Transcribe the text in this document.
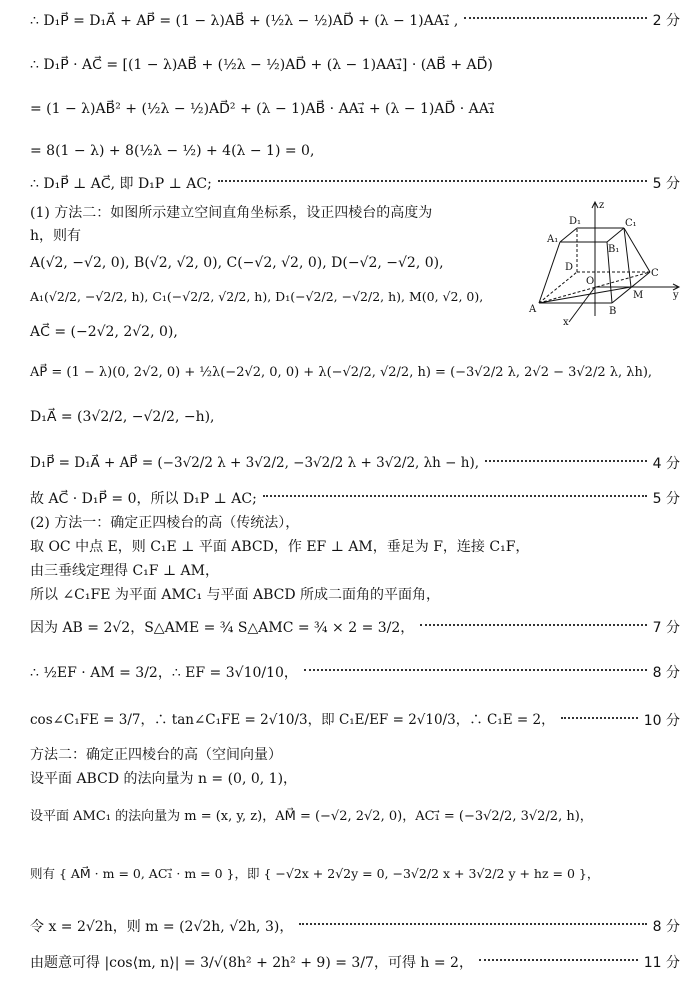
∴ D₁P⃗ = D₁A⃗ + AP⃗ = (1 − λ)AB⃗ + (½λ − ½)AD⃗ + (λ − 1)AA₁⃗ ,	2 分
∴ D₁P⃗ · AC⃗ = [(1 − λ)AB⃗ + (½λ − ½)AD⃗ + (λ − 1)AA₁⃗] · (AB⃗ + AD⃗)
= (1 − λ)AB⃗² + (½λ − ½)AD⃗² + (λ − 1)AB⃗ · AA₁⃗ + (λ − 1)AD⃗ · AA₁⃗
= 8(1 − λ) + 8(½λ − ½) + 4(λ − 1) = 0,
∴ D₁P⃗ ⊥ AC⃗, 即 D₁P ⊥ AC;	5 分
(1) 方法二：如图所示建立空间直角坐标系，设正四棱台的高度为
h，则有
A(√2, −√2, 0), B(√2, √2, 0), C(−√2, √2, 0), D(−√2, −√2, 0),
A₁(√2/2, −√2/2, h), C₁(−√2/2, √2/2, h), D₁(−√2/2, −√2/2, h), M(0, √2, 0),
AC⃗ = (−2√2, 2√2, 0),
AP⃗ = (1 − λ)(0, 2√2, 0) + ½λ(−2√2, 0, 0) + λ(−√2/2, √2/2, h) = (−3√2/2 λ, 2√2 − 3√2/2 λ, λh),
D₁A⃗ = (3√2/2, −√2/2, −h),
D₁P⃗ = D₁A⃗ + AP⃗ = (−3√2/2 λ + 3√2/2, −3√2/2 λ + 3√2/2, λh − h),	4 分
故 AC⃗ · D₁P⃗ = 0，所以 D₁P ⊥ AC;	5 分
(2) 方法一：确定正四棱台的高（传统法），
取 OC 中点 E，则 C₁E ⊥ 平面 ABCD，作 EF ⊥ AM，垂足为 F，连接 C₁F，
由三垂线定理得 C₁F ⊥ AM，
所以 ∠C₁FE 为平面 AMC₁ 与平面 ABCD 所成二面角的平面角，
因为 AB = 2√2，S△AME = ¾ S△AMC = ¾ × 2 = 3/2，	7 分
∴ ½EF · AM = 3/2，∴ EF = 3√10/10，	8 分
cos∠C₁FE = 3/7，∴ tan∠C₁FE = 2√10/3，即 C₁E/EF = 2√10/3，∴ C₁E = 2，	10 分
方法二：确定正四棱台的高（空间向量）
设平面 ABCD 的法向量为 n = (0, 0, 1)，
设平面 AMC₁ 的法向量为 m = (x, y, z)，AM⃗ = (−√2, 2√2, 0)，AC₁⃗ = (−3√2/2, 3√2/2, h)，
则有 { AM⃗ · m = 0, AC₁⃗ · m = 0 }，即 { −√2x + 2√2y = 0, −3√2/2 x + 3√2/2 y + hz = 0 }，
令 x = 2√2h，则 m = (2√2h, √2h, 3)，	8 分
由题意可得 |cos⟨m, n⟩| = 3/√(8h² + 2h² + 9) = 3/7，可得 h = 2，	11 分
z
y
x
D₁	C₁
A₁
B₁
D
C
O
M
A	B
